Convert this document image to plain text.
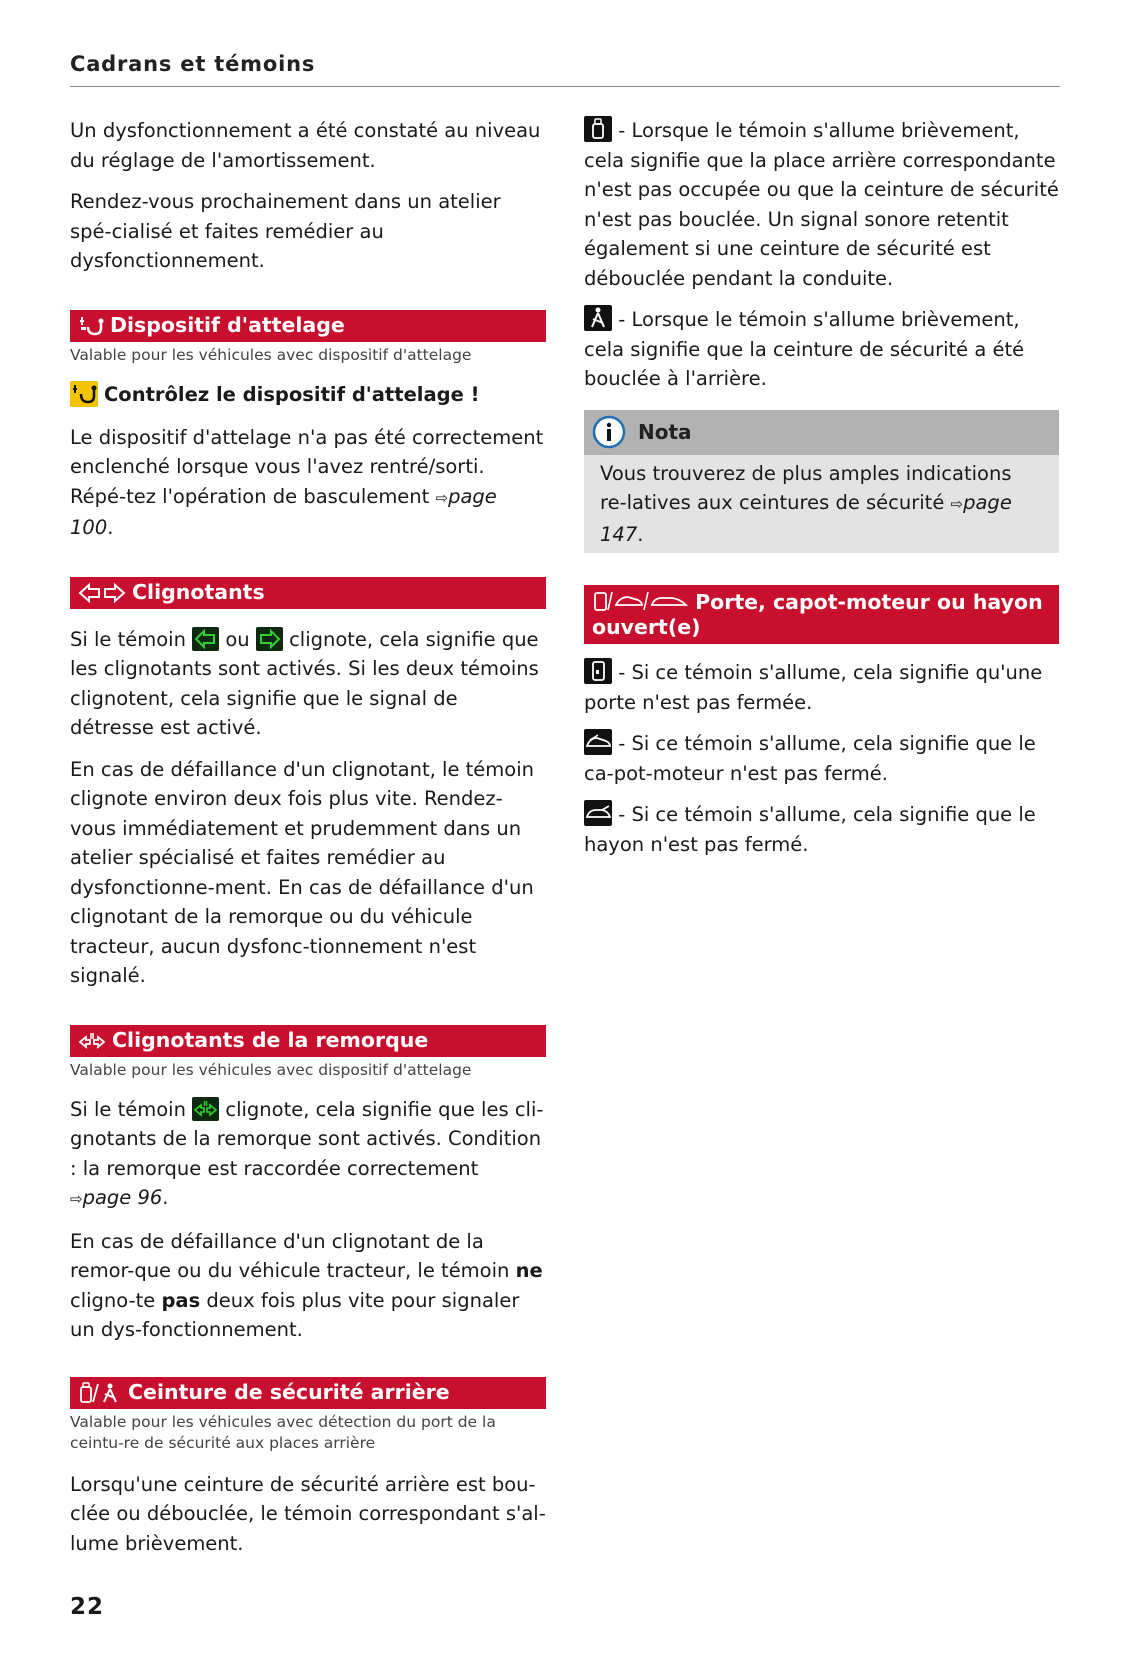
Cadrans et témoins

Un dysfonctionnement a été constaté au niveau du réglage de l'amortissement.

Rendez-vous prochainement dans un atelier spé-cialisé et faites remédier au dysfonctionnement.

Dispositif d'attelage
Valable pour les véhicules avec dispositif d'attelage
Contrôlez le dispositif d'attelage !

Le dispositif d'attelage n'a pas été correctement enclenché lorsque vous l'avez rentré/sorti. Répé-tez l'opération de basculement ⇨page 100.

Clignotants

Si le témoin ou clignote, cela signifie que les clignotants sont activés. Si les deux témoins clignotent, cela signifie que le signal de détresse est activé.

En cas de défaillance d'un clignotant, le témoin clignote environ deux fois plus vite. Rendez-vous immédiatement et prudemment dans un atelier spécialisé et faites remédier au dysfonctionne-ment. En cas de défaillance d'un clignotant de la remorque ou du véhicule tracteur, aucun dysfonc-tionnement n'est signalé.

Clignotants de la remorque
Valable pour les véhicules avec dispositif d'attelage

Si le témoin clignote, cela signifie que les cli-gnotants de la remorque sont activés. Condition : la remorque est raccordée correctement
⇨page 96.

En cas de défaillance d'un clignotant de la remor-que ou du véhicule tracteur, le témoin ne cligno-te pas deux fois plus vite pour signaler un dys-fonctionnement.

Ceinture de sécurité arrière
Valable pour les véhicules avec détection du port de la ceintu-re de sécurité aux places arrière

Lorsqu'une ceinture de sécurité arrière est bou-clée ou débouclée, le témoin correspondant s'al-lume brièvement.

- Lorsque le témoin s'allume brièvement, cela signifie que la place arrière correspondante n'est pas occupée ou que la ceinture de sécurité n'est pas bouclée. Un signal sonore retentit également si une ceinture de sécurité est débouclée pendant la conduite.

- Lorsque le témoin s'allume brièvement, cela signifie que la ceinture de sécurité a été bouclée à l'arrière.

Nota
Vous trouverez de plus amples indications re-latives aux ceintures de sécurité ⇨page 147.
Porte, capot-moteur ou hayon ouvert(e)

- Si ce témoin s'allume, cela signifie qu'une porte n'est pas fermée.

- Si ce témoin s'allume, cela signifie que le ca-pot-moteur n'est pas fermé.

- Si ce témoin s'allume, cela signifie que le hayon n'est pas fermé.

22
